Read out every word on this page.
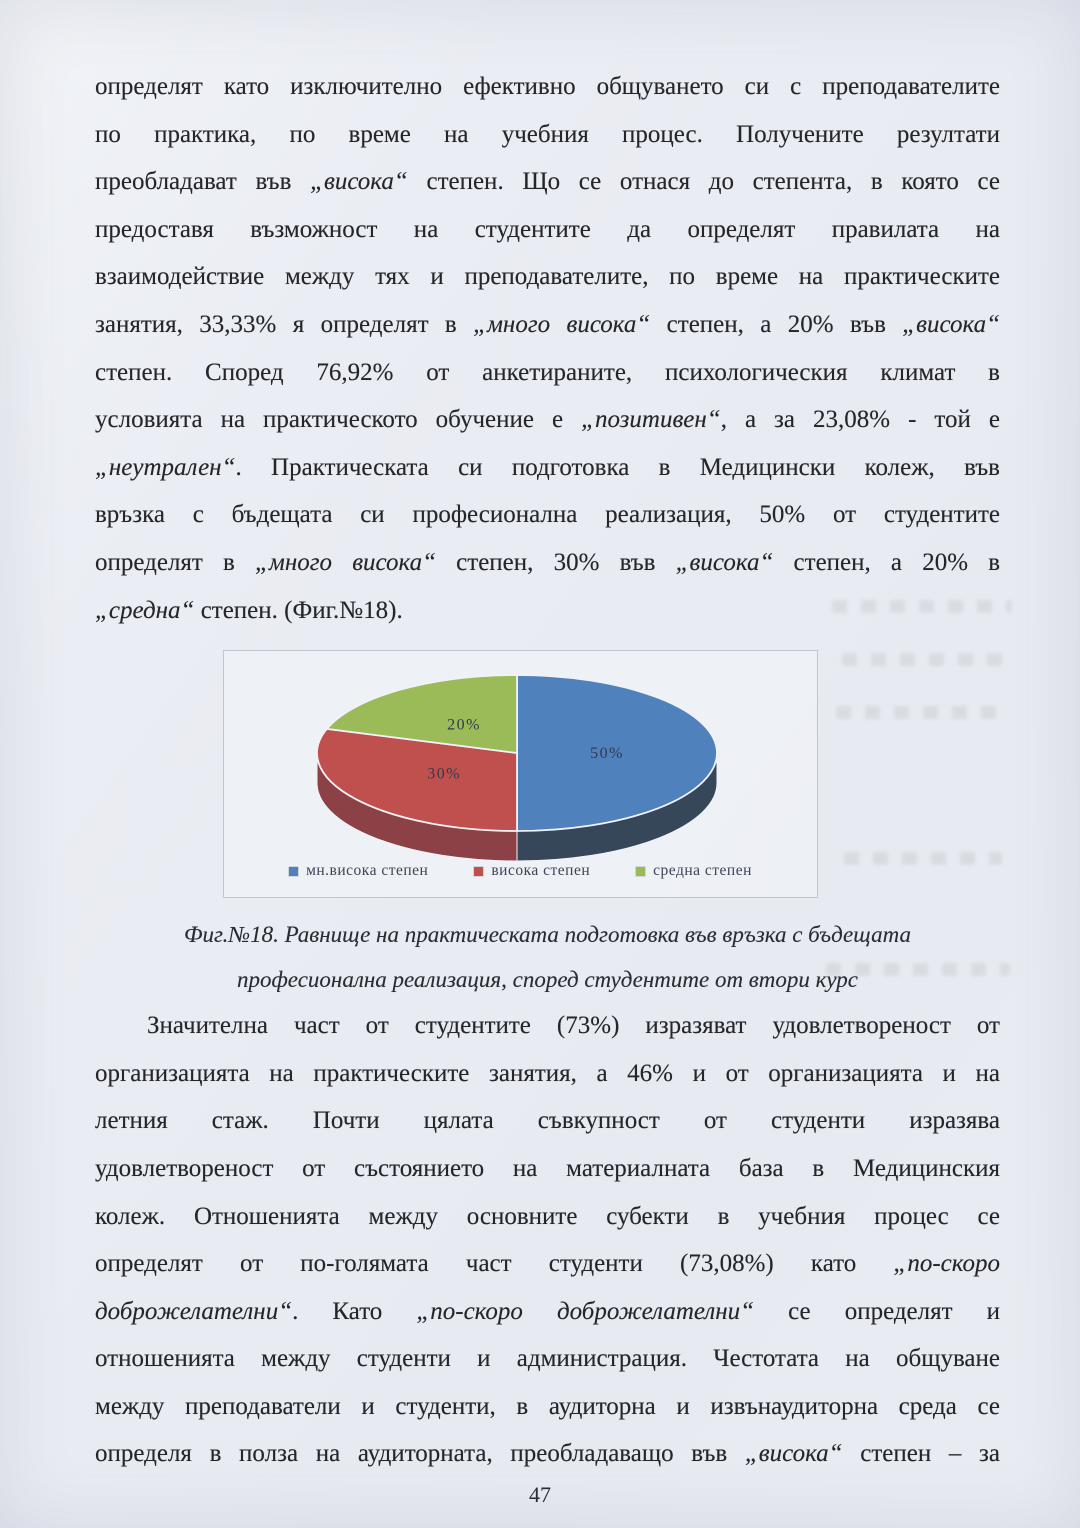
определят като изключително ефективно общуването си с преподавателите
по практика, по време на учебния процес. Получените резултати
преобладават във „висока“ степен. Що се отнася до степента, в която се
предоставя възможност на студентите да определят правилата на
взаимодействие между тях и преподавателите, по време на практическите
занятия, 33,33% я определят в „много висока“ степен, а 20% във „висока“
степен. Според 76,92% от анкетираните, психологическия климат в
условията на практическото обучение е „позитивен“, а за 23,08% - той е
„неутрален“. Практическата си подготовка в Медицински колеж, във
връзка с бъдещата си професионална реализация, 50% от студентите
определят в „много висока“ степен, 30% във „висока“ степен, а 20% в
„средна“ степен. (Фиг.№18).
50%
30%
20%
мн.висока степен	висока степен	средна степен
Фиг.№18. Равнище на практическата подготовка във връзка с бъдещата
професионална реализация, според студентите от втори курс
Значителна част от студентите (73%) изразяват удовлетвореност от
организацията на практическите занятия, а 46% и от организацията и на
летния стаж. Почти цялата съвкупност от студенти изразява
удовлетвореност от състоянието на материалната база в Медицинския
колеж. Отношенията между основните субекти в учебния процес се
определят от по-голямата част студенти (73,08%) като „по-скоро
доброжелателни“. Като „по-скоро доброжелателни“ се определят и
отношенията между студенти и администрация. Честотата на общуване
между преподаватели и студенти, в аудиторна и извънаудиторна среда се
определя в полза на аудиторната, преобладаващо във „висока“ степен – за
47
